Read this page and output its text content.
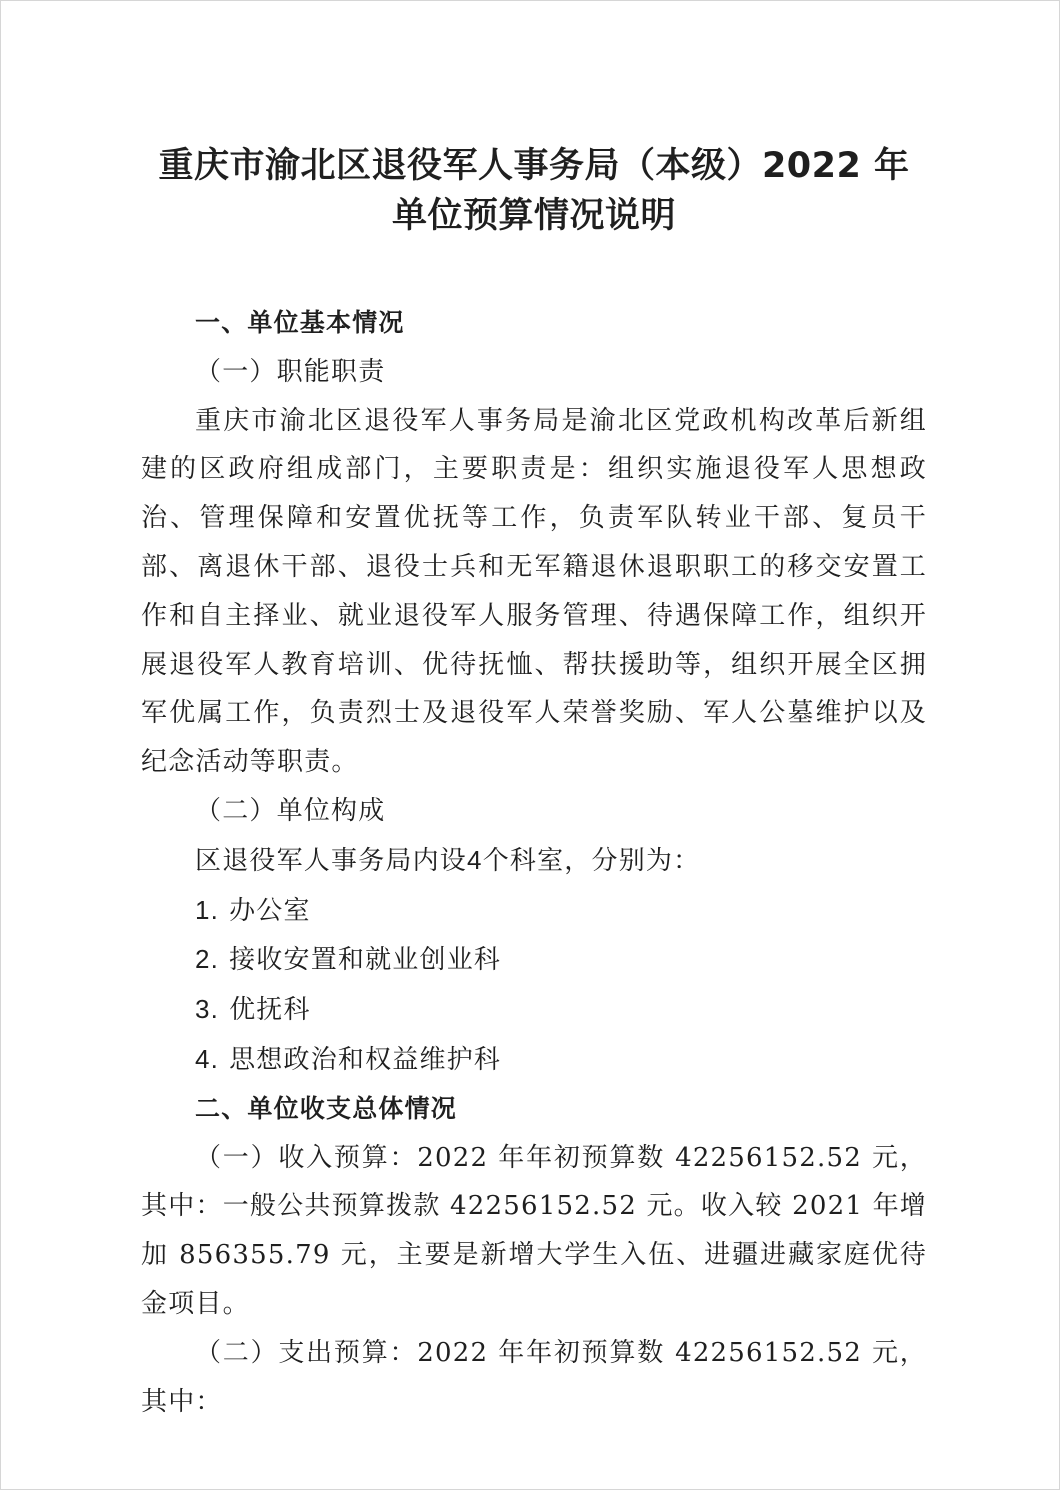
重庆市渝北区退役军人事务局（本级）2022 年
单位预算情况说明

一、单位基本情况

（一）职能职责

重庆市渝北区退役军人事务局是渝北区党政机构改革后新组建的区政府组成部门，主要职责是：组织实施退役军人思想政治、管理保障和安置优抚等工作，负责军队转业干部、复员干部、离退休干部、退役士兵和无军籍退休退职职工的移交安置工作和自主择业、就业退役军人服务管理、待遇保障工作，组织开展退役军人教育培训、优待抚恤、帮扶援助等，组织开展全区拥军优属工作，负责烈士及退役军人荣誉奖励、军人公墓维护以及纪念活动等职责。

（二）单位构成

区退役军人事务局内设4个科室，分别为：

1. 办公室

2. 接收安置和就业创业科

3. 优抚科

4. 思想政治和权益维护科

二、单位收支总体情况

（一）收入预算：2022 年年初预算数 42256152.52 元，其中：一般公共预算拨款 42256152.52 元。收入较 2021 年增加 856355.79 元，主要是新增大学生入伍、进疆进藏家庭优待金项目。

（二）支出预算：2022 年年初预算数 42256152.52 元，其中：
